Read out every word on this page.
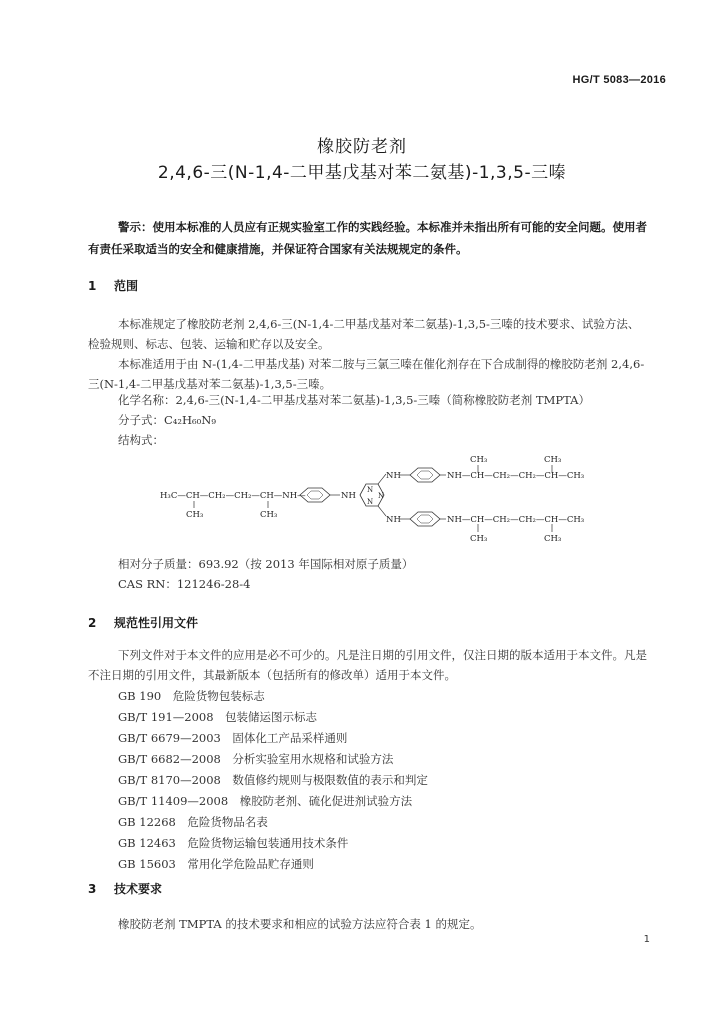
HG/T 5083—2016
橡胶防老剂
2,4,6-三(N-1,4-二甲基戊基对苯二氨基)-1,3,5-三嗪
警示：使用本标准的人员应有正规实验室工作的实践经验。本标准并未指出所有可能的安全问题。使用者有责任采取适当的安全和健康措施，并保证符合国家有关法规规定的条件。
1 范围

本标准规定了橡胶防老剂 2,4,6-三(N-1,4-二甲基戊基对苯二氨基)-1,3,5-三嗪的技术要求、试验方法、检验规则、标志、包装、运输和贮存以及安全。

本标准适用于由 N-(1,4-二甲基戊基) 对苯二胺与三氯三嗪在催化剂存在下合成制得的橡胶防老剂 2,4,6-三(N-1,4-二甲基戊基对苯二氨基)-1,3,5-三嗪。

化学名称：2,4,6-三(N-1,4-二甲基戊基对苯二氨基)-1,3,5-三嗪（简称橡胶防老剂 TMPTA）
分子式：C₄₂H₆₀N₉
结构式：
H₃C—CH—CH₂—CH₂—CH—NH—
CH₃	CH₃
NH
N
N
N
NH	NH—CH—CH₂—CH₂—CH—CH₃
CH₃	CH₃
NH	NH—CH—CH₂—CH₂—CH—CH₃
CH₃	CH₃
相对分子质量：693.92（按 2013 年国际相对原子质量）
CAS RN：121246-28-4
2 规范性引用文件

下列文件对于本文件的应用是必不可少的。凡是注日期的引用文件，仅注日期的版本适用于本文件。凡是不注日期的引用文件，其最新版本（包括所有的修改单）适用于本文件。

GB 190　危险货物包装标志
GB/T 191—2008　包装储运图示标志
GB/T 6679—2003　固体化工产品采样通则
GB/T 6682—2008　分析实验室用水规格和试验方法
GB/T 8170—2008　数值修约规则与极限数值的表示和判定
GB/T 11409—2008　橡胶防老剂、硫化促进剂试验方法
GB 12268　危险货物品名表
GB 12463　危险货物运输包装通用技术条件
GB 15603　常用化学危险品贮存通则
3 技术要求

橡胶防老剂 TMPTA 的技术要求和相应的试验方法应符合表 1 的规定。

1
